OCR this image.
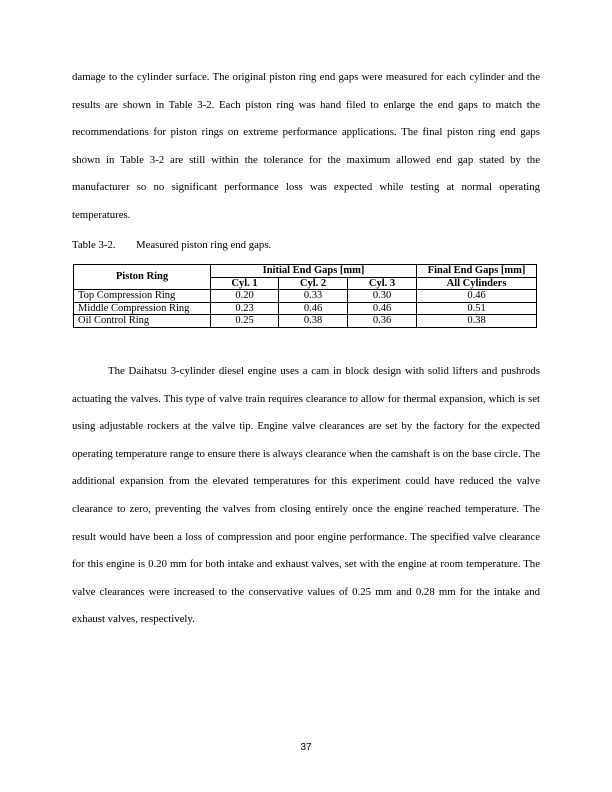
damage to the cylinder surface. The original piston ring end gaps were measured for each cylinder and the results are shown in Table 3-2. Each piston ring was hand filed to enlarge the end gaps to match the recommendations for piston rings on extreme performance applications. The final piston ring end gaps shown in Table 3-2 are still within the tolerance for the maximum allowed end gap stated by the manufacturer so no significant performance loss was expected while testing at normal operating temperatures.

Table 3-2. Measured piston ring end gaps.

Piston Ring	Initial End Gaps [mm]			Final End Gaps [mm]
	Cyl. 1	Cyl. 2	Cyl. 3	All Cylinders
Top Compression Ring	0.20	0.33	0.30	0.46
Middle Compression Ring	0.23	0.46	0.46	0.51
Oil Control Ring	0.25	0.38	0.36	0.38

The Daihatsu 3-cylinder diesel engine uses a cam in block design with solid lifters and pushrods actuating the valves. This type of valve train requires clearance to allow for thermal expansion, which is set using adjustable rockers at the valve tip. Engine valve clearances are set by the factory for the expected operating temperature range to ensure there is always clearance when the camshaft is on the base circle. The additional expansion from the elevated temperatures for this experiment could have reduced the valve clearance to zero, preventing the valves from closing entirely once the engine reached temperature. The result would have been a loss of compression and poor engine performance. The specified valve clearance for this engine is 0.20 mm for both intake and exhaust valves, set with the engine at room temperature. The valve clearances were increased to the conservative values of 0.25 mm and 0.28 mm for the intake and exhaust valves, respectively.

37
